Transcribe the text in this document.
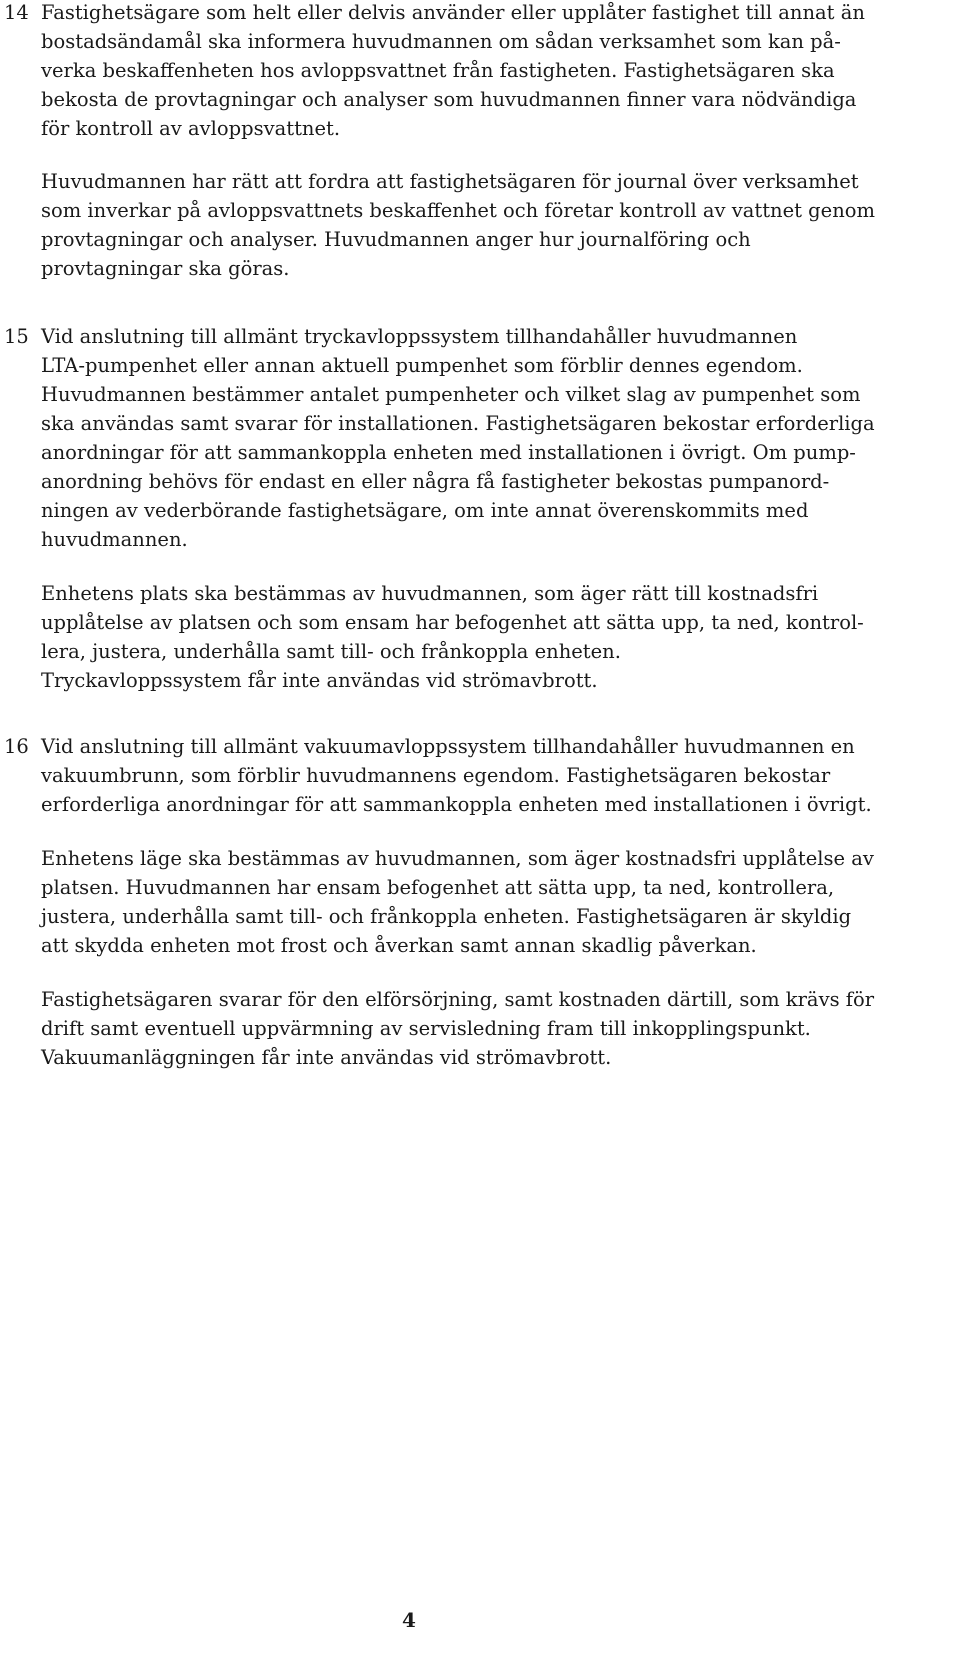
14 Fastighetsägare som helt eller delvis använder eller upplåter fastighet till annat än

bostadsändamål ska informera huvudmannen om sådan verksamhet som kan på-

verka beskaffenheten hos avloppsvattnet från fastigheten. Fastighetsägaren ska

bekosta de provtagningar och analyser som huvudmannen finner vara nödvändiga

för kontroll av avloppsvattnet.

Huvudmannen har rätt att fordra att fastighetsägaren för journal över verksamhet

som inverkar på avloppsvattnets beskaffenhet och företar kontroll av vattnet genom

provtagningar och analyser. Huvudmannen anger hur journalföring och

provtagningar ska göras.

15 Vid anslutning till allmänt tryckavloppssystem tillhandahåller huvudmannen

LTA-pumpenhet eller annan aktuell pumpenhet som förblir dennes egendom.

Huvudmannen bestämmer antalet pumpenheter och vilket slag av pumpenhet som

ska användas samt svarar för installationen. Fastighetsägaren bekostar erforderliga

anordningar för att sammankoppla enheten med installationen i övrigt. Om pump-

anordning behövs för endast en eller några få fastigheter bekostas pumpanord-

ningen av vederbörande fastighetsägare, om inte annat överenskommits med

huvudmannen.

Enhetens plats ska bestämmas av huvudmannen, som äger rätt till kostnadsfri

upplåtelse av platsen och som ensam har befogenhet att sätta upp, ta ned, kontrol-

lera, justera, underhålla samt till- och frånkoppla enheten.

Tryckavloppssystem får inte användas vid strömavbrott.

16 Vid anslutning till allmänt vakuumavloppssystem tillhandahåller huvudmannen en

vakuumbrunn, som förblir huvudmannens egendom. Fastighetsägaren bekostar

erforderliga anordningar för att sammankoppla enheten med installationen i övrigt.

Enhetens läge ska bestämmas av huvudmannen, som äger kostnadsfri upplåtelse av

platsen. Huvudmannen har ensam befogenhet att sätta upp, ta ned, kontrollera,

justera, underhålla samt till- och frånkoppla enheten. Fastighetsägaren är skyldig

att skydda enheten mot frost och åverkan samt annan skadlig påverkan.

Fastighetsägaren svarar för den elförsörjning, samt kostnaden därtill, som krävs för

drift samt eventuell uppvärmning av servisledning fram till inkopplingspunkt.

Vakuumanläggningen får inte användas vid strömavbrott.

4
